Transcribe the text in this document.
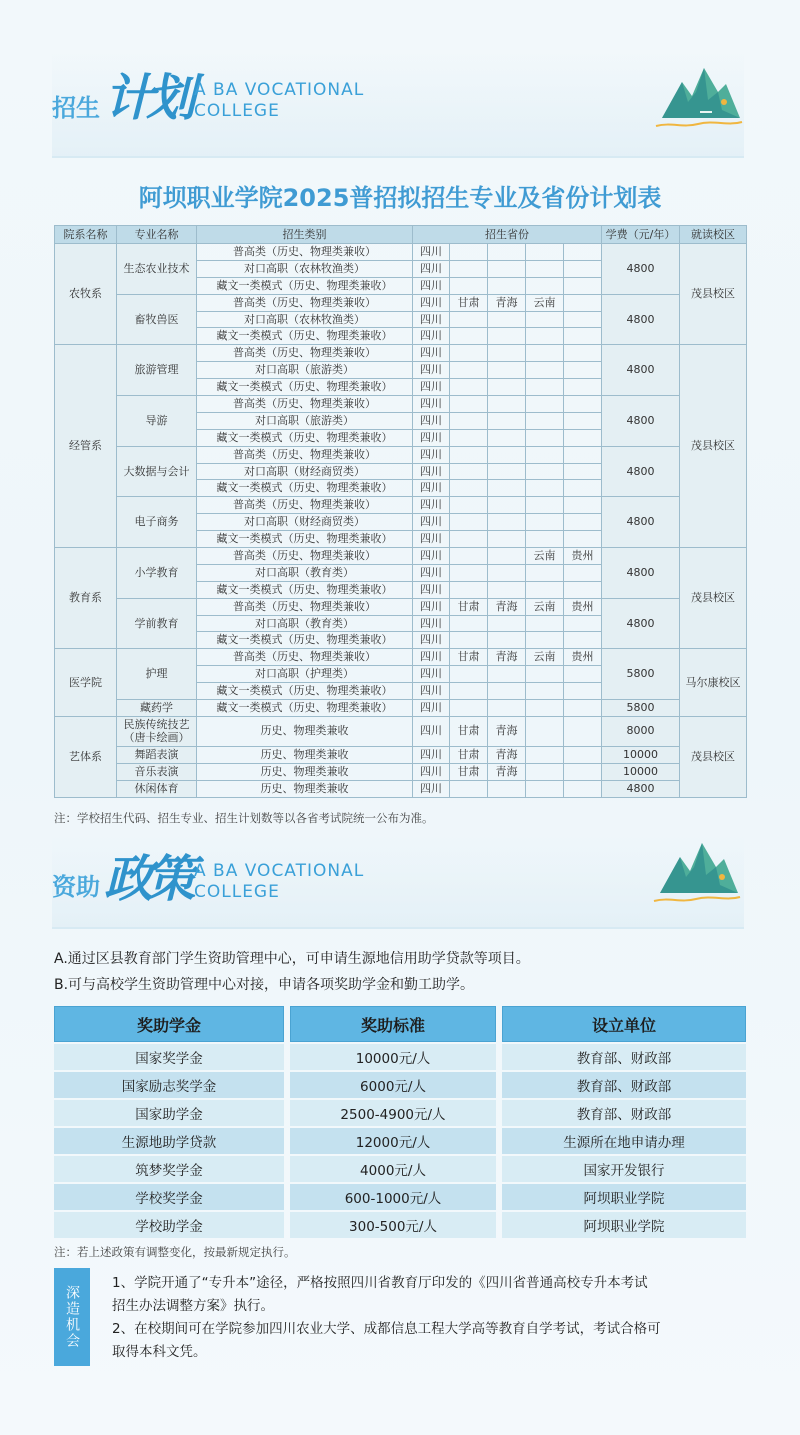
招生 计划 A BA VOCATIONAL
COLLEGE
阿坝职业学院2025普招拟招生专业及省份计划表
院系名称	专业名称	招生类别	招生省份					学费（元/年）	就读校区
农牧系	生态农业技术	普高类（历史、物理类兼收）	四川					4800	茂县校区
		对口高职（农林牧渔类）	四川						
		藏文一类模式（历史、物理类兼收）	四川						
	畜牧兽医	普高类（历史、物理类兼收）	四川	甘肃	青海	云南		4800	
		对口高职（农林牧渔类）	四川						
		藏文一类模式（历史、物理类兼收）	四川						
经管系	旅游管理	普高类（历史、物理类兼收）	四川					4800	茂县校区
		对口高职（旅游类）	四川						
		藏文一类模式（历史、物理类兼收）	四川						
	导游	普高类（历史、物理类兼收）	四川					4800	
		对口高职（旅游类）	四川						
		藏文一类模式（历史、物理类兼收）	四川						
	大数据与会计	普高类（历史、物理类兼收）	四川					4800	
		对口高职（财经商贸类）	四川						
		藏文一类模式（历史、物理类兼收）	四川						
	电子商务	普高类（历史、物理类兼收）	四川					4800	
		对口高职（财经商贸类）	四川						
		藏文一类模式（历史、物理类兼收）	四川						
教育系	小学教育	普高类（历史、物理类兼收）	四川			云南	贵州	4800	茂县校区
		对口高职（教育类）	四川						
		藏文一类模式（历史、物理类兼收）	四川						
	学前教育	普高类（历史、物理类兼收）	四川	甘肃	青海	云南	贵州	4800	
		对口高职（教育类）	四川						
		藏文一类模式（历史、物理类兼收）	四川						
医学院	护理	普高类（历史、物理类兼收）	四川	甘肃	青海	云南	贵州	5800	马尔康校区
		对口高职（护理类）	四川						
		藏文一类模式（历史、物理类兼收）	四川						
	藏药学	藏文一类模式（历史、物理类兼收）	四川					5800	
艺体系	民族传统技艺
（唐卡绘画）	历史、物理类兼收	四川	甘肃	青海			8000	茂县校区
	舞蹈表演	历史、物理类兼收	四川	甘肃	青海			10000	
	音乐表演	历史、物理类兼收	四川	甘肃	青海			10000	
	休闲体育	历史、物理类兼收	四川					4800	
注：学校招生代码、招生专业、招生计划数等以各省考试院统一公布为准。
资助 政策 A BA VOCATIONAL
COLLEGE
A.通过区县教育部门学生资助管理中心，可申请生源地信用助学贷款等项目。
B.可与高校学生资助管理中心对接，申请各项奖助学金和勤工助学。
奖助学金	奖助标准	设立单位
国家奖学金	10000元/人	教育部、财政部
国家励志奖学金	6000元/人	教育部、财政部
国家助学金	2500-4900元/人	教育部、财政部
生源地助学贷款	12000元/人	生源所在地申请办理
筑梦奖学金	4000元/人	国家开发银行
学校奖学金	600-1000元/人	阿坝职业学院
学校助学金	300-500元/人	阿坝职业学院
注：若上述政策有调整变化，按最新规定执行。
深造机会

1、学院开通了“专升本”途径，严格按照四川省教育厅印发的《四川省普通高校专升本考试

招生办法调整方案》执行。

2、在校期间可在学院参加四川农业大学、成都信息工程大学高等教育自学考试，考试合格可

取得本科文凭。
